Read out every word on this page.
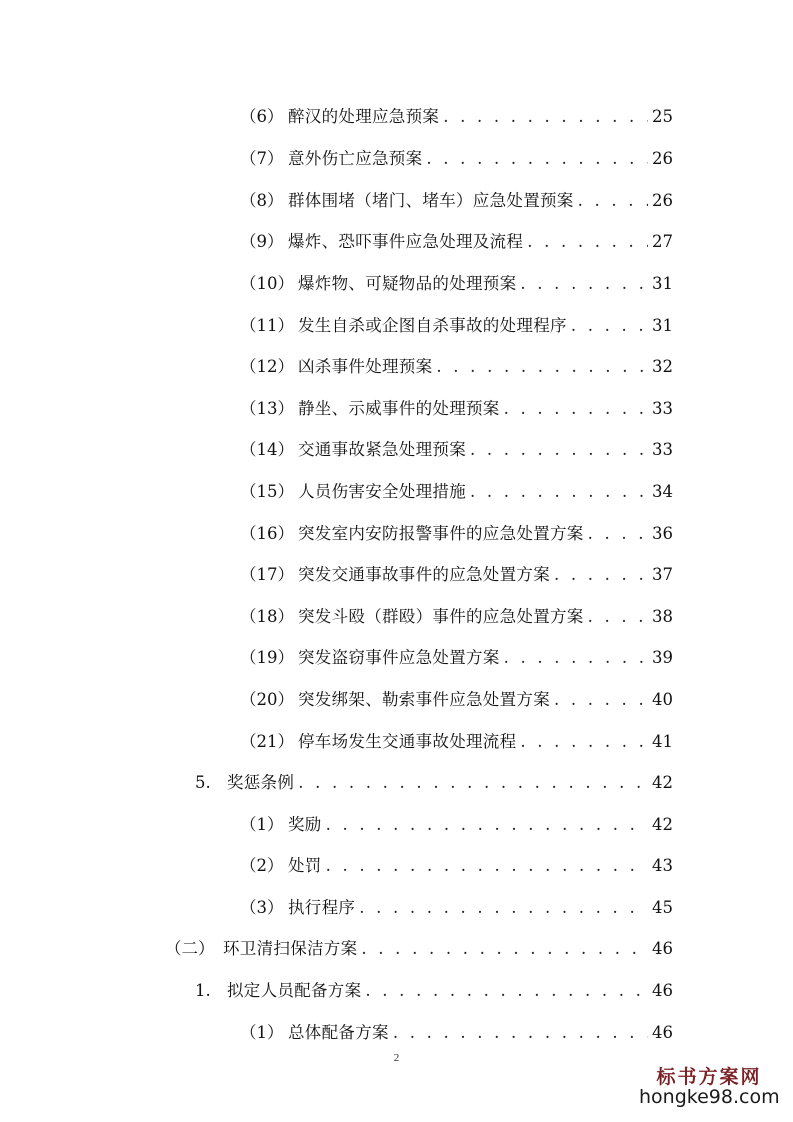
（6） 醉汉的处理应急预案 . . .	25
（7） 意外伤亡应急预案 . . .	26
（8） 群体围堵（堵门、堵车）应急处置预案 . . .	26
（9） 爆炸、恐吓事件应急处理及流程 . . .	27
（10） 爆炸物、可疑物品的处理预案 . . .	31
（11） 发生自杀或企图自杀事故的处理程序 . . .	31
（12） 凶杀事件处理预案 . . .	32
（13） 静坐、示威事件的处理预案 . . .	33
（14） 交通事故紧急处理预案 . . .	33
（15） 人员伤害安全处理措施 . . .	34
（16） 突发室内安防报警事件的应急处置方案 . . .	36
（17） 突发交通事故事件的应急处置方案 . . .	37
（18） 突发斗殴（群殴）事件的应急处置方案 . . .	38
（19） 突发盗窃事件应急处置方案 . . .	39
（20） 突发绑架、勒索事件应急处置方案 . . .	40
（21） 停车场发生交通事故处理流程 . . .	41
5. 奖惩条例 . . .	42
（1） 奖励 . . .	42
（2） 处罚 . . .	43
（3） 执行程序 . . .	45
（二） 环卫清扫保洁方案 . . .	46
1. 拟定人员配备方案 . . .	46
（1） 总体配备方案 . . .	46
2
标书方案网
hongke98.com
